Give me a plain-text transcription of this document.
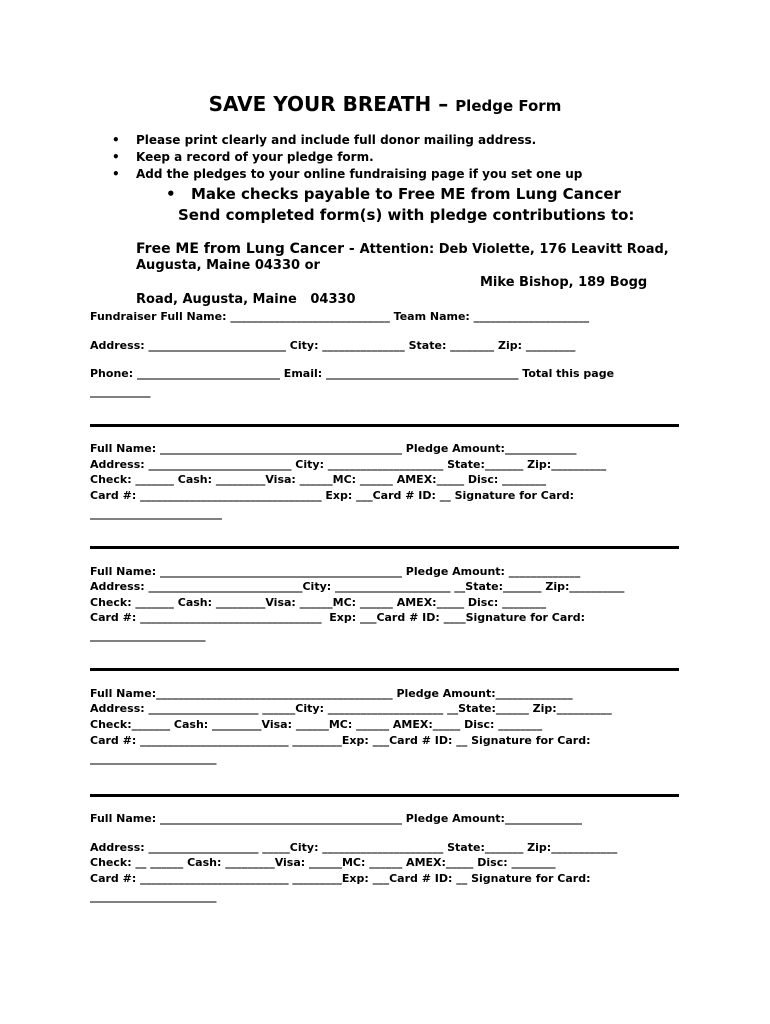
SAVE YOUR BREATH – Pledge Form
• Please print clearly and include full donor mailing address.
• Keep a record of your pledge form.
• Add the pledges to your online fundraising page if you set one up
• Make checks payable to Free ME from Lung Cancer
Send completed form(s) with pledge contributions to:
Free ME from Lung Cancer - Attention: Deb Violette, 176 Leavitt Road,
Augusta, Maine 04330 or
Mike Bishop, 189 Bogg
Road, Augusta, Maine   04330
Fundraiser Full Name: _____________________________ Team Name: _____________________
Address: _________________________ City: _______________ State: ________ Zip: _________
Phone: __________________________ Email: ___________________________________ Total this page
___________
Full Name: ____________________________________________ Pledge Amount:_____________
Address: __________________________ City: _____________________ State:_______ Zip:__________
Check: _______ Cash: _________Visa: ______MC: ______ AMEX:_____ Disc: ________
Card #: _________________________________ Exp: ___Card # ID: __ Signature for Card:
________________________
Full Name: ____________________________________________ Pledge Amount: _____________
Address: ____________________________City: _____________________ __State:_______ Zip:__________
Check: _______ Cash: _________Visa: ______MC: ______ AMEX:_____ Disc: ________
Card #: _________________________________  Exp: ___Card # ID: ____Signature for Card:
_____________________
Full Name:___________________________________________ Pledge Amount:______________
Address: ____________________ ______City: _____________________ __State:______ Zip:__________
Check:_______ Cash: _________Visa: ______MC: ______ AMEX:_____ Disc: ________
Card #: ___________________________ _________Exp: ___Card # ID: __ Signature for Card:
_______________________
Full Name: ____________________________________________ Pledge Amount:______________
Address: ____________________ _____City: ______________________ State:_______ Zip:____________
Check: __ ______ Cash: _________Visa: ______MC: ______ AMEX:_____ Disc: ________
Card #: ___________________________ _________Exp: ___Card # ID: __ Signature for Card:
_______________________
